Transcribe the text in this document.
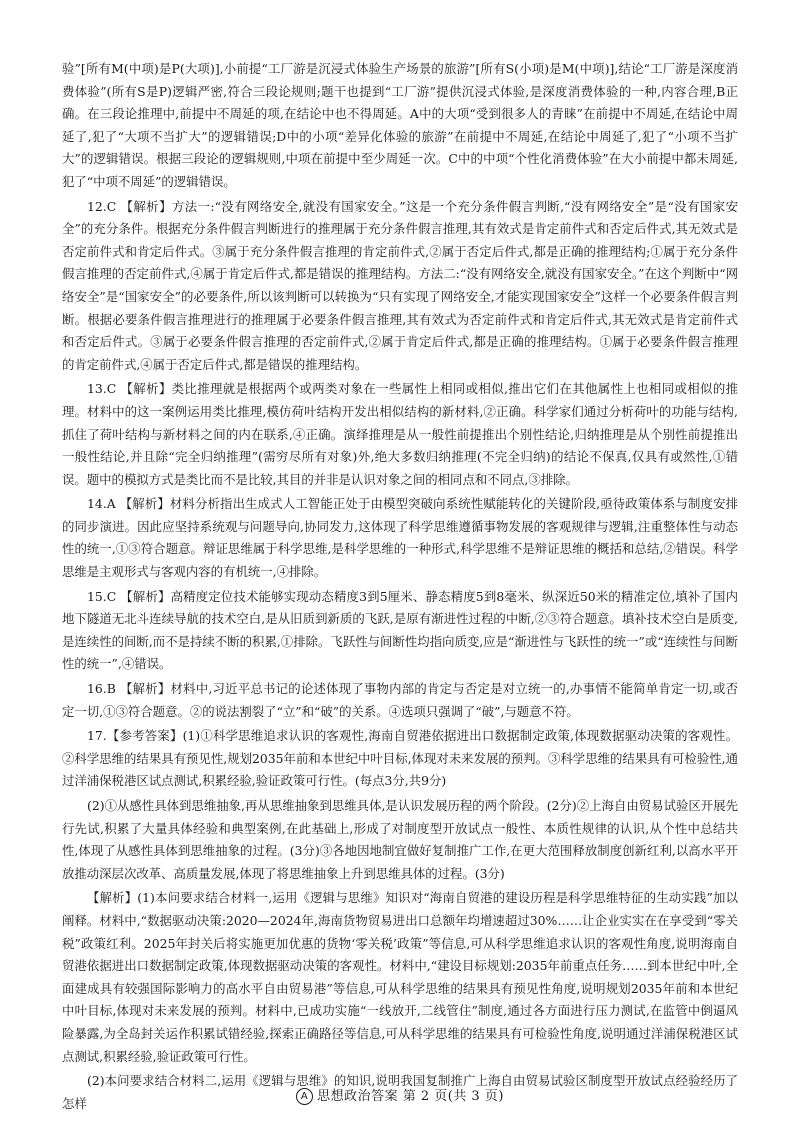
验”[所有M(中项)是P(大项)],小前提“工厂游是沉浸式体验生产场景的旅游”[所有S(小项)是M(中项)],结论“工厂游是深度消费体验”(所有S是P)逻辑严密,符合三段论规则;题干也提到“工厂游”提供沉浸式体验,是深度消费体验的一种,内容合理,B正确。在三段论推理中,前提中不周延的项,在结论中也不得周延。A中的大项“受到很多人的青睐”在前提中不周延,在结论中周延了,犯了“大项不当扩大”的逻辑错误;D中的小项“差异化体验的旅游”在前提中不周延,在结论中周延了,犯了“小项不当扩大”的逻辑错误。根据三段论的逻辑规则,中项在前提中至少周延一次。C中的中项“个性化消费体验”在大小前提中都未周延,犯了“中项不周延”的逻辑错误。

12.C 【解析】方法一:“没有网络安全,就没有国家安全。”这是一个充分条件假言判断,“没有网络安全”是“没有国家安全”的充分条件。根据充分条件假言判断进行的推理属于充分条件假言推理,其有效式是肯定前件式和否定后件式,其无效式是否定前件式和肯定后件式。③属于充分条件假言推理的肯定前件式,②属于否定后件式,都是正确的推理结构;①属于充分条件假言推理的否定前件式,④属于肯定后件式,都是错误的推理结构。方法二:“没有网络安全,就没有国家安全。”在这个判断中“网络安全”是“国家安全”的必要条件,所以该判断可以转换为“只有实现了网络安全,才能实现国家安全”这样一个必要条件假言判断。根据必要条件假言推理进行的推理属于必要条件假言推理,其有效式为否定前件式和肯定后件式,其无效式是肯定前件式和否定后件式。③属于必要条件假言推理的否定前件式,②属于肯定后件式,都是正确的推理结构。①属于必要条件假言推理的肯定前件式,④属于否定后件式,都是错误的推理结构。

13.C 【解析】类比推理就是根据两个或两类对象在一些属性上相同或相似,推出它们在其他属性上也相同或相似的推理。材料中的这一案例运用类比推理,模仿荷叶结构开发出相似结构的新材料,②正确。科学家们通过分析荷叶的功能与结构,抓住了荷叶结构与新材料之间的内在联系,④正确。演绎推理是从一般性前提推出个别性结论,归纳推理是从个别性前提推出一般性结论,并且除“完全归纳推理”(需穷尽所有对象)外,绝大多数归纳推理(不完全归纳)的结论不保真,仅具有或然性,①错误。题中的模拟方式是类比而不是比较,其目的并非是认识对象之间的相同点和不同点,③排除。

14.A 【解析】材料分析指出生成式人工智能正处于由模型突破向系统性赋能转化的关键阶段,亟待政策体系与制度安排的同步演进。因此应坚持系统观与问题导向,协同发力,这体现了科学思维遵循事物发展的客观规律与逻辑,注重整体性与动态性的统一,①③符合题意。辩证思维属于科学思维,是科学思维的一种形式,科学思维不是辩证思维的概括和总结,②错误。科学思维是主观形式与客观内容的有机统一,④排除。

15.C 【解析】高精度定位技术能够实现动态精度3到5厘米、静态精度5到8毫米、纵深近50米的精准定位,填补了国内地下隧道无北斗连续导航的技术空白,是从旧质到新质的飞跃,是原有渐进性过程的中断,②③符合题意。填补技术空白是质变,是连续性的间断,而不是持续不断的积累,①排除。飞跃性与间断性均指向质变,应是“渐进性与飞跃性的统一”或“连续性与间断性的统一”,④错误。

16.B 【解析】材料中,习近平总书记的论述体现了事物内部的肯定与否定是对立统一的,办事情不能简单肯定一切,或否定一切,①③符合题意。②的说法割裂了“立”和“破”的关系。④选项只强调了“破”,与题意不符。

17.【参考答案】(1)①科学思维追求认识的客观性,海南自贸港依据进出口数据制定政策,体现数据驱动决策的客观性。②科学思维的结果具有预见性,规划2035年前和本世纪中叶目标,体现对未来发展的预判。③科学思维的结果具有可检验性,通过洋浦保税港区试点测试,积累经验,验证政策可行性。(每点3分,共9分)

(2)①从感性具体到思维抽象,再从思维抽象到思维具体,是认识发展历程的两个阶段。(2分)②上海自由贸易试验区开展先行先试,积累了大量具体经验和典型案例,在此基础上,形成了对制度型开放试点一般性、本质性规律的认识,从个性中总结共性,体现了从感性具体到思维抽象的过程。(3分)③各地因地制宜做好复制推广工作,在更大范围释放制度创新红利,以高水平开放推动深层次改革、高质量发展,体现了将思维抽象上升到思维具体的过程。(3分)

【解析】(1)本问要求结合材料一,运用《逻辑与思维》知识对“海南自贸港的建设历程是科学思维特征的生动实践”加以阐释。材料中,“数据驱动决策:2020—2024年,海南货物贸易进出口总额年均增速超过30%……让企业实实在在享受到“零关税”政策红利。2025年封关后将实施更加优惠的货物‘零关税’政策”等信息,可从科学思维追求认识的客观性角度,说明海南自贸港依据进出口数据制定政策,体现数据驱动决策的客观性。材料中,“建设目标规划:2035年前重点任务……到本世纪中叶,全面建成具有较强国际影响力的高水平自由贸易港”等信息,可从科学思维的结果具有预见性角度,说明规划2035年前和本世纪中叶目标,体现对未来发展的预判。材料中,已成功实施“一线放开,二线管住”制度,通过各方面进行压力测试,在监管中倒逼风险暴露,为全岛封关运作积累试错经验,探索正确路径等信息,可从科学思维的结果具有可检验性角度,说明通过洋浦保税港区试点测试,积累经验,验证政策可行性。

(2)本问要求结合材料二,运用《逻辑与思维》的知识,说明我国复制推广上海自由贸易试验区制度型开放试点经验经历了怎样	A 思想政治答案 第 2 页(共 3 页)
